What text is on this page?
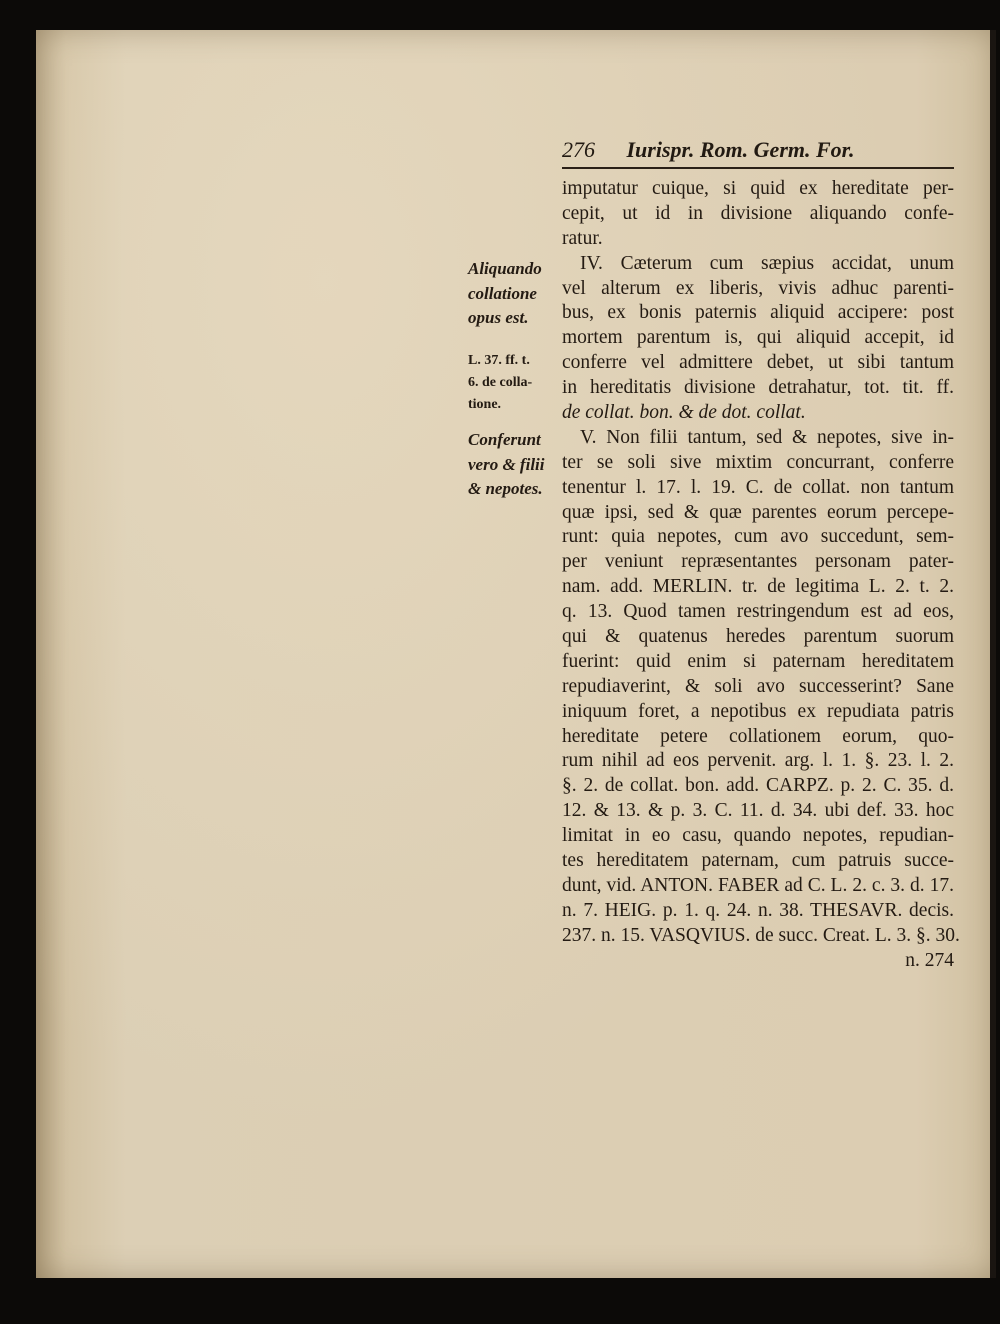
276 Iurispr. Rom. Germ. For.
Aliquando
collatione
opus est.
L. 37. ff. t.
6. de colla-
tione.
Conferunt
vero & filii
& nepotes.
imputatur cuique, si quid ex hereditate per-
cepit, ut id in divisione aliquando confe-
ratur.
IV. Cæterum cum sæpius accidat, unum
vel alterum ex liberis, vivis adhuc parenti-
bus, ex bonis paternis aliquid accipere: post
mortem parentum is, qui aliquid accepit, id
conferre vel admittere debet, ut sibi tantum
in hereditatis divisione detrahatur, tot. tit. ff.
de collat. bon. & de dot. collat.
V. Non filii tantum, sed & nepotes, sive in-
ter se soli sive mixtim concurrant, conferre
tenentur l. 17. l. 19. C. de collat. non tantum
quæ ipsi, sed & quæ parentes eorum percepe-
runt: quia nepotes, cum avo succedunt, sem-
per veniunt repræsentantes personam pater-
nam. add. MERLIN. tr. de legitima L. 2. t. 2.
q. 13. Quod tamen restringendum est ad eos,
qui & quatenus heredes parentum suorum
fuerint: quid enim si paternam hereditatem
repudiaverint, & soli avo successerint? Sane
iniquum foret, a nepotibus ex repudiata patris
hereditate petere collationem eorum, quo-
rum nihil ad eos pervenit. arg. l. 1. §. 23. l. 2.
§. 2. de collat. bon. add. CARPZ. p. 2. C. 35. d.
12. & 13. & p. 3. C. 11. d. 34. ubi def. 33. hoc
limitat in eo casu, quando nepotes, repudian-
tes hereditatem paternam, cum patruis succe-
dunt, vid. ANTON. FABER ad C. L. 2. c. 3. d. 17.
n. 7. HEIG. p. 1. q. 24. n. 38. THESAVR. decis.
237. n. 15. VASQVIUS. de succ. Creat. L. 3. §. 30.
n. 274
